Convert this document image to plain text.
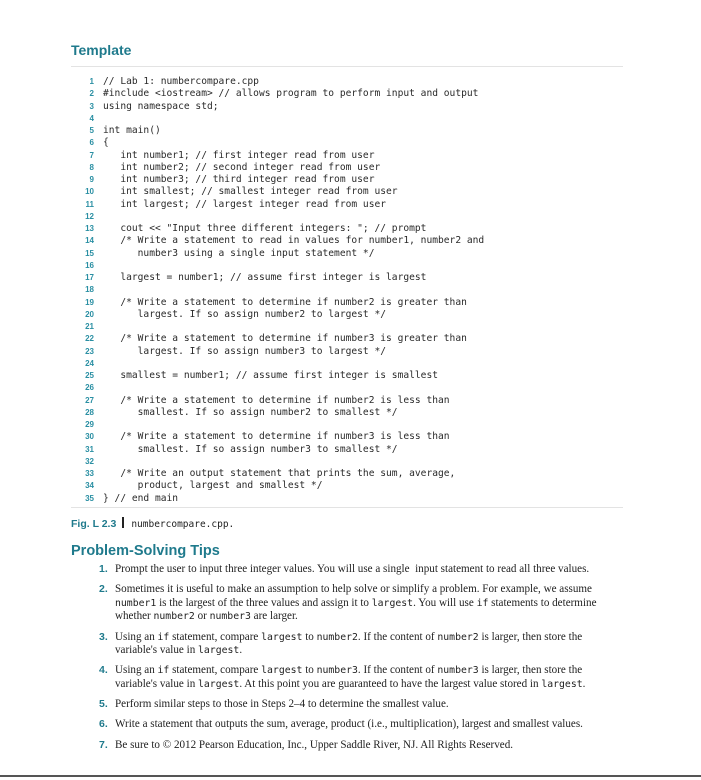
Template
1 // Lab 1: numbercompare.cpp
2 #include <iostream> // allows program to perform input and output
3 using namespace std;
4
5 int main()
6 {
7 int number1; // first integer read from user
8 int number2; // second integer read from user
9 int number3; // third integer read from user
10 int smallest; // smallest integer read from user
11 int largest; // largest integer read from user
12
13 cout << "Input three different integers: "; // prompt
14 /* Write a statement to read in values for number1, number2 and
15 number3 using a single input statement */
16
17 largest = number1; // assume first integer is largest
18
19 /* Write a statement to determine if number2 is greater than
20 largest. If so assign number2 to largest */
21
22 /* Write a statement to determine if number3 is greater than
23 largest. If so assign number3 to largest */
24
25 smallest = number1; // assume first integer is smallest
26
27 /* Write a statement to determine if number2 is less than
28 smallest. If so assign number2 to smallest */
29
30 /* Write a statement to determine if number3 is less than
31 smallest. If so assign number3 to smallest */
32
33 /* Write an output statement that prints the sum, average,
34 product, largest and smallest */
35 } // end main
Fig. L 2.3 numbercompare.cpp.
Problem-Solving Tips
1. Prompt the user to input three integer values. You will use a single  input statement to read all three values.
2. Sometimes it is useful to make an assumption to help solve or simplify a problem. For example, we assume number1 is the largest of the three values and assign it to largest. You will use if statements to determine whether number2 or number3 are larger.
3. Using an if statement, compare largest to number2. If the content of number2 is larger, then store the variable's value in largest.
4. Using an if statement, compare largest to number3. If the content of number3 is larger, then store the variable's value in largest. At this point you are guaranteed to have the largest value stored in largest.
5. Perform similar steps to those in Steps 2–4 to determine the smallest value.
6. Write a statement that outputs the sum, average, product (i.e., multiplication), largest and smallest values.
7. Be sure to © 2012 Pearson Education, Inc., Upper Saddle River, NJ. All Rights Reserved.
